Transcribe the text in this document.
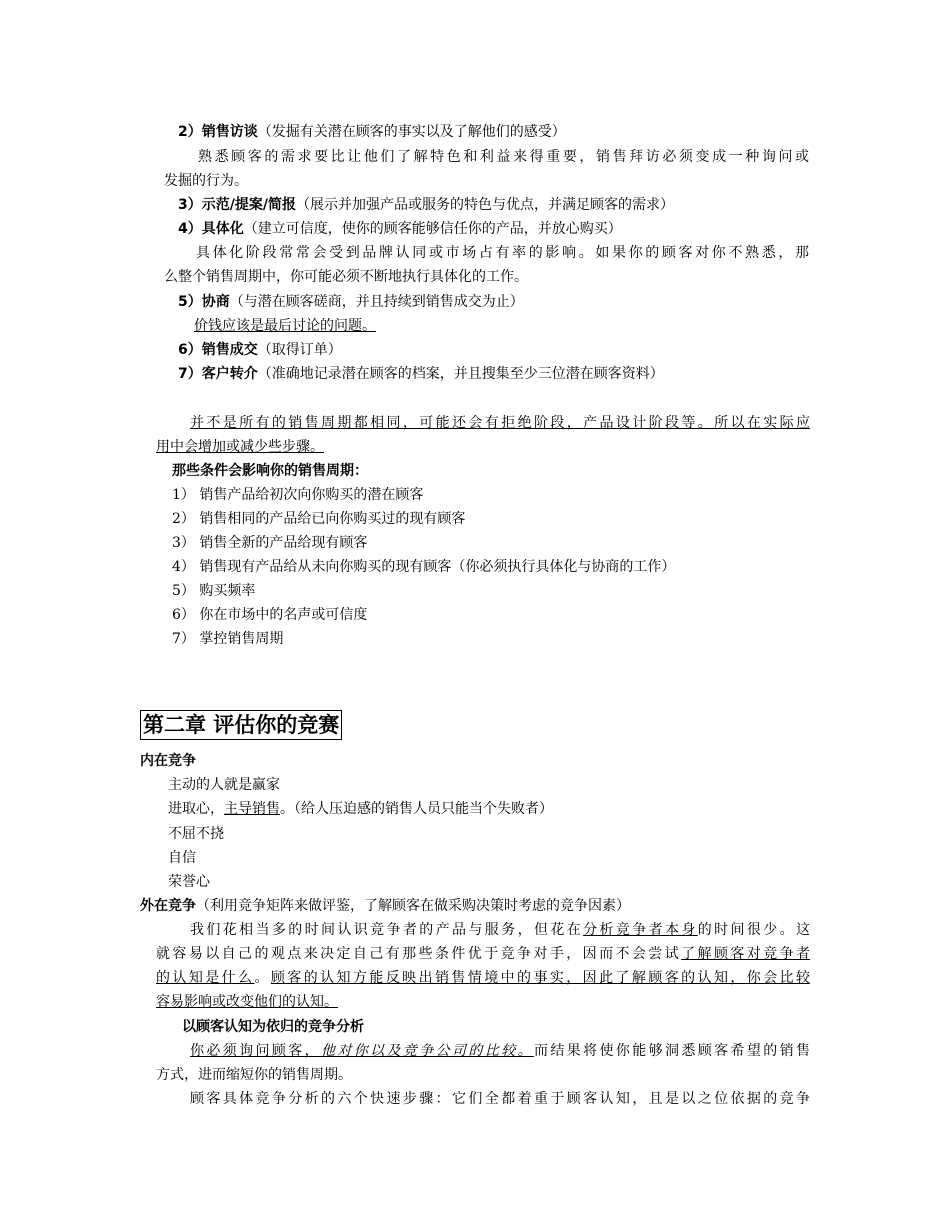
2）销售访谈（发掘有关潜在顾客的事实以及了解他们的感受）
熟悉顾客的需求要比让他们了解特色和利益来得重要，销售拜访必须变成一种询问或
发掘的行为。
3）示范/提案/简报（展示并加强产品或服务的特色与优点，并满足顾客的需求）
4）具体化（建立可信度，使你的顾客能够信任你的产品，并放心购买）
具体化阶段常常会受到品牌认同或市场占有率的影响。如果你的顾客对你不熟悉，那
么整个销售周期中，你可能必须不断地执行具体化的工作。
5）协商（与潜在顾客磋商，并且持续到销售成交为止）
价钱应该是最后讨论的问题。
6）销售成交（取得订单）
7）客户转介（准确地记录潜在顾客的档案，并且搜集至少三位潜在顾客资料）
并不是所有的销售周期都相同，可能还会有拒绝阶段，产品设计阶段等。所以在实际应
用中会增加或减少些步骤。
那些条件会影响你的销售周期：
1） 销售产品给初次向你购买的潜在顾客
2） 销售相同的产品给已向你购买过的现有顾客
3） 销售全新的产品给现有顾客
4） 销售现有产品给从未向你购买的现有顾客（你必须执行具体化与协商的工作）
5） 购买频率
6） 你在市场中的名声或可信度
7） 掌控销售周期
第二章 评估你的竞赛
内在竞争
主动的人就是赢家
进取心，主导销售。（给人压迫感的销售人员只能当个失败者）
不屈不挠
自信
荣誉心
外在竞争（利用竞争矩阵来做评鉴，了解顾客在做采购决策时考虑的竞争因素）
我们花相当多的时间认识竞争者的产品与服务，但花在分析竞争者本身的时间很少。这
就容易以自己的观点来决定自己有那些条件优于竞争对手，因而不会尝试了解顾客对竞争者
的认知是什么。顾客的认知方能反映出销售情境中的事实，因此了解顾客的认知，你会比较
容易影响或改变他们的认知。
以顾客认知为依归的竞争分析
你必须询问顾客，他对你以及竞争公司的比较。而结果将使你能够洞悉顾客希望的销售
方式，进而缩短你的销售周期。
顾客具体竞争分析的六个快速步骤：它们全都着重于顾客认知，且是以之位依据的竞争
